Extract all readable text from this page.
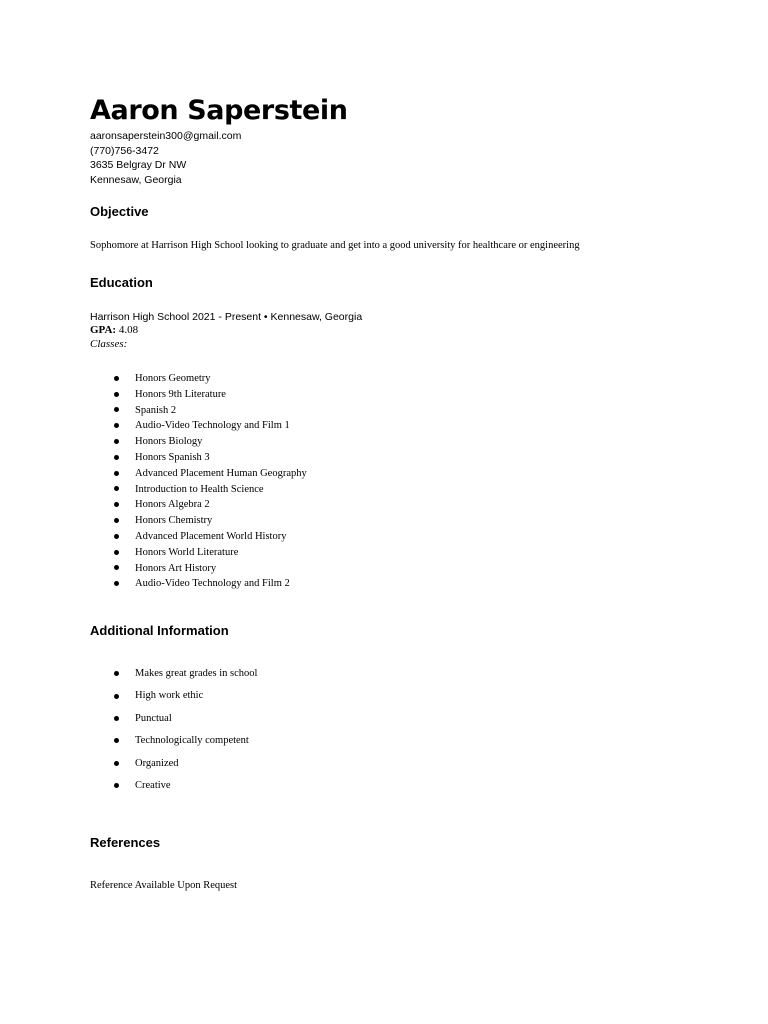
Aaron Saperstein
aaronsaperstein300@gmail.com
(770)756-3472
3635 Belgray Dr NW
Kennesaw, Georgia
Objective
Sophomore at Harrison High School looking to graduate and get into a good university for healthcare or engineering
Education
Harrison High School 2021 - Present • Kennesaw, Georgia
GPA: 4.08
Classes:
Honors Geometry
Honors 9th Literature
Spanish 2
Audio-Video Technology and Film 1
Honors Biology
Honors Spanish 3
Advanced Placement Human Geography
Introduction to Health Science
Honors Algebra 2
Honors Chemistry
Advanced Placement World History
Honors World Literature
Honors Art History
Audio-Video Technology and Film 2
Additional Information
Makes great grades in school
High work ethic
Punctual
Technologically competent
Organized
Creative
References
Reference Available Upon Request
